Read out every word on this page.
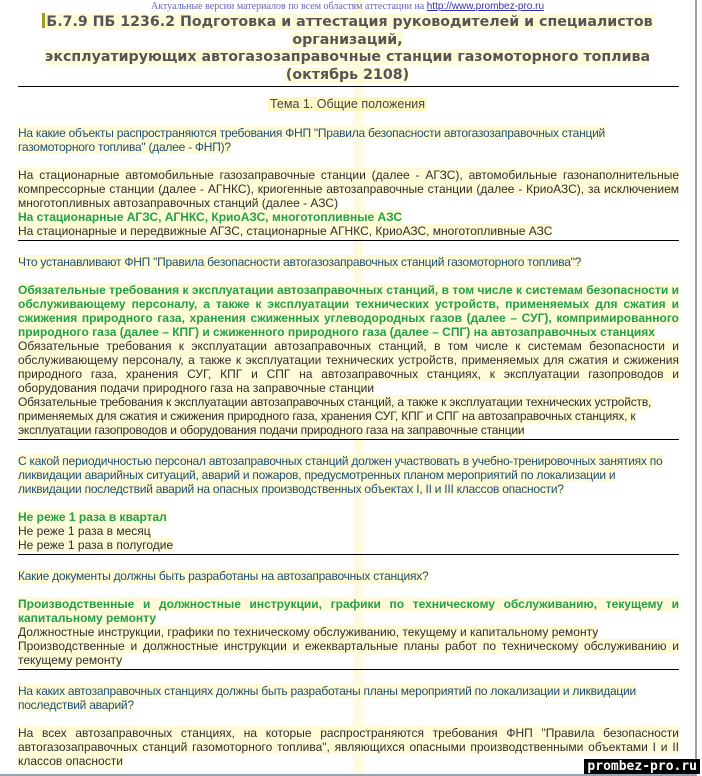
Актуальные версии материалов по всем областям аттестации на http://www.prombez-pro.ru
Б.7.9 ПБ 1236.2 Подготовка и аттестация руководителей и специалистов организаций,
эксплуатирующих автогазозаправочные станции газомоторного топлива
(октябрь 2108)
Тема 1. Общие положения
На какие объекты распространяются требования ФНП "Правила безопасности автогазозаправочных станций газомоторного топлива" (далее - ФНП)?
На стационарные автомобильные газозаправочные станции (далее - АГЗС), автомобильные газонаполнительные компрессорные станции (далее - АГНКС), криогенные автозаправочные станции (далее - КриоАЗС), за исключением многотопливных автозаправочных станций (далее - АЗС)
На стационарные АГЗС, АГНКС, КриоАЗС, многотопливные АЗС
На стационарные и передвижные АГЗС, стационарные АГНКС, КриоАЗС, многотопливные АЗС
Что устанавливают ФНП "Правила безопасности автогазозаправочных станций газомоторного топлива"?
Обязательные требования к эксплуатации автозаправочных станций, в том числе к системам безопасности и обслуживающему персоналу, а также к эксплуатации технических устройств, применяемых для сжатия и сжижения природного газа, хранения сжиженных углеводородных газов (далее – СУГ), компримированного природного газа (далее – КПГ) и сжиженного природного газа (далее – СПГ) на автозаправочных станциях
Обязательные требования к эксплуатации автозаправочных станций, в том числе к системам безопасности и обслуживающему персоналу, а также к эксплуатации технических устройств, применяемых для сжатия и сжижения природного газа, хранения СУГ, КПГ и СПГ на автозаправочных станциях, к эксплуатации газопроводов и оборудования подачи природного газа на заправочные станции
Обязательные требования к эксплуатации автозаправочных станций, а также к эксплуатации технических устройств, применяемых для сжатия и сжижения природного газа, хранения СУГ, КПГ и СПГ на автозаправочных станциях, к эксплуатации газопроводов и оборудования подачи природного газа на заправочные станции
С какой периодичностью персонал автозаправочных станций должен участвовать в учебно-тренировочных занятиях по ликвидации аварийных ситуаций, аварий и пожаров, предусмотренных планом мероприятий по локализации и ликвидации последствий аварий на опасных производственных объектах I, II и III классов опасности?
Не реже 1 раза в квартал
Не реже 1 раза в месяц
Не реже 1 раза в полугодие
Какие документы должны быть разработаны на автозаправочных станциях?
Производственные и должностные инструкции, графики по техническому обслуживанию, текущему и капитальному ремонту
Должностные инструкции, графики по техническому обслуживанию, текущему и капитальному ремонту
Производственные и должностные инструкции и ежеквартальные планы работ по техническому обслуживанию и текущему ремонту
На каких автозаправочных станциях должны быть разработаны планы мероприятий по локализации и ликвидации последствий аварий?
На всех автозаправочных станциях, на которые распространяются требования ФНП "Правила безопасности автогазозаправочных станций газомоторного топлива", являющихся опасными производственными объектами I и II классов опасности	prombez-pro.ru
